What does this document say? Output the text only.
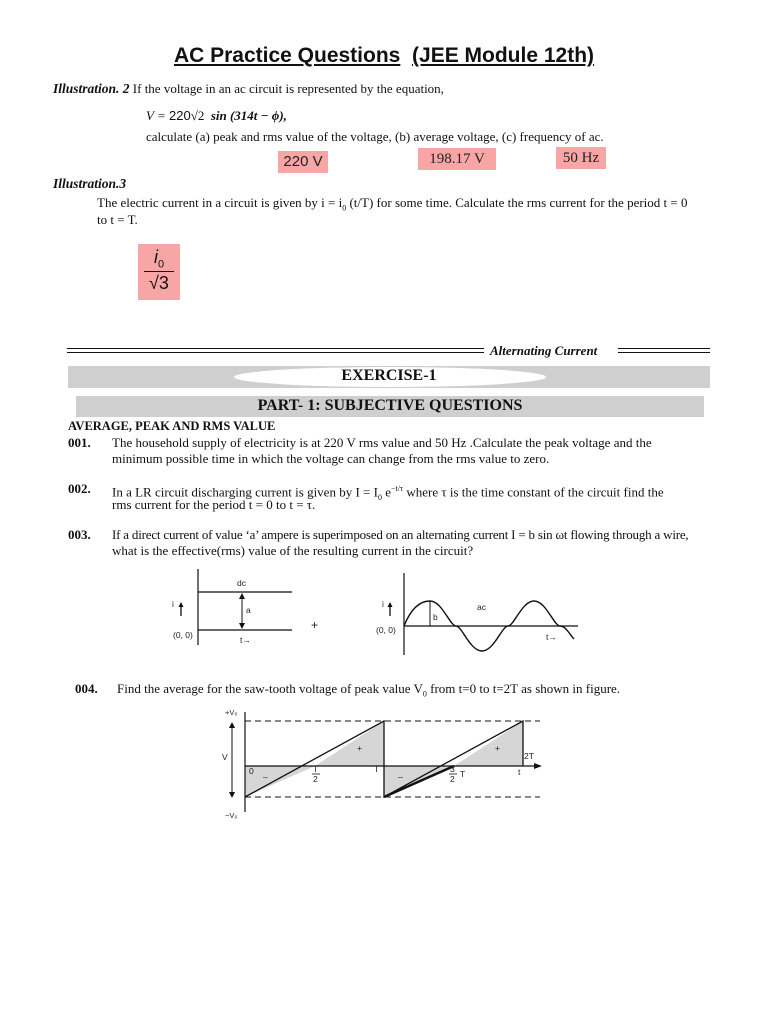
AC Practice Questions (JEE Module 12th)
Illustration. 2 If the voltage in an ac circuit is represented by the equation,
V = 220√2 sin (314t − ϕ),
calculate (a) peak and rms value of the voltage, (b) average voltage, (c) frequency of ac.
220 V	198.17 V	50 Hz
Illustration.3
The electric current in a circuit is given by $i = i_0$ (t/T) for some time. Calculate the rms current for the period t = 0
to t = T.
$i_0$
√3
Alternating Current
EXERCISE-1
PART- 1: SUBJECTIVE QUESTIONS
AVERAGE, PEAK AND RMS VALUE
001. The household supply of electricity is at 220 V rms value and 50 Hz .Calculate the peak voltage and the
minimum possible time in which the voltage can change from the rms value to zero.
002. In a LR circuit discharging current is given by $I = I_0$ $e^{-t/\tau}$ where τ is the time constant of the circuit find the
rms current for the period t = 0 to t = τ.
003. If a direct current of value ‘a’ ampere is superimposed on an alternating current I = b sin ωt flowing through a wire,
what is the effective(rms) value of the resulting current in the circuit?
dc
a
i
(0, 0)	t→
+
b
ac
i
(0, 0)
t→
004. Find the average for the saw-tooth voltage of peak value $V_0$ from t=0 to t=2T as shown in figure.
+V₀
−V₀
V
0 _
+
_
+
T
2
T	3
2 T
2T
t
